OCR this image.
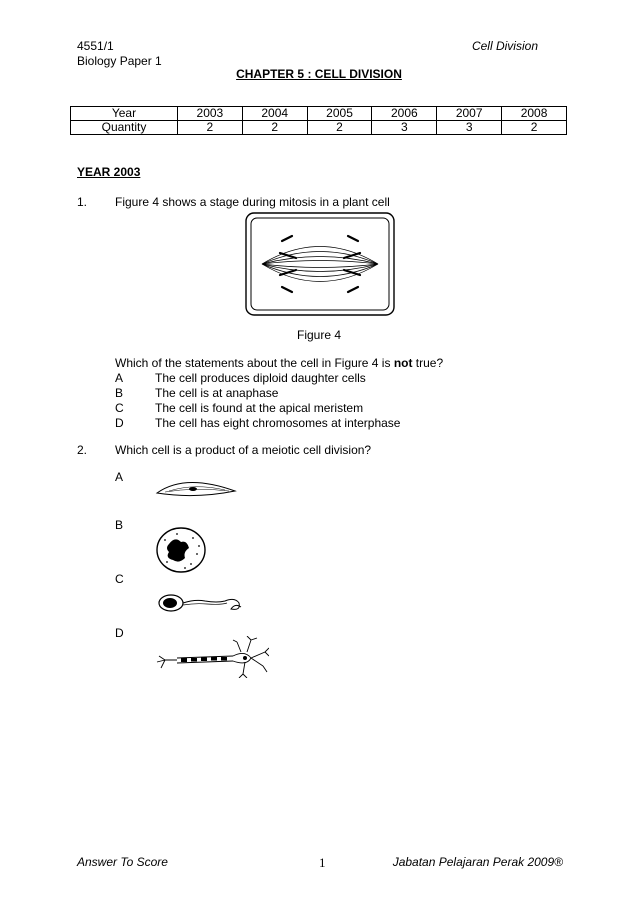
4551/1
Biology Paper 1
Cell Division
CHAPTER 5 : CELL DIVISION
Year	2003	2004	2005	2006	2007	2008
Quantity	2	2	2	3	3	2
YEAR 2003
1. Figure 4 shows a stage during mitosis in a plant cell
Figure 4
Which of the statements about the cell in Figure 4 is not true?
A	The cell produces diploid daughter cells
B	The cell is at anaphase
C	The cell is found at the apical meristem
D	The cell has eight chromosomes at interphase
2. Which cell is a product of a meiotic cell division?
A
B
C
D
Answer To Score	1	Jabatan Pelajaran Perak 2009®
